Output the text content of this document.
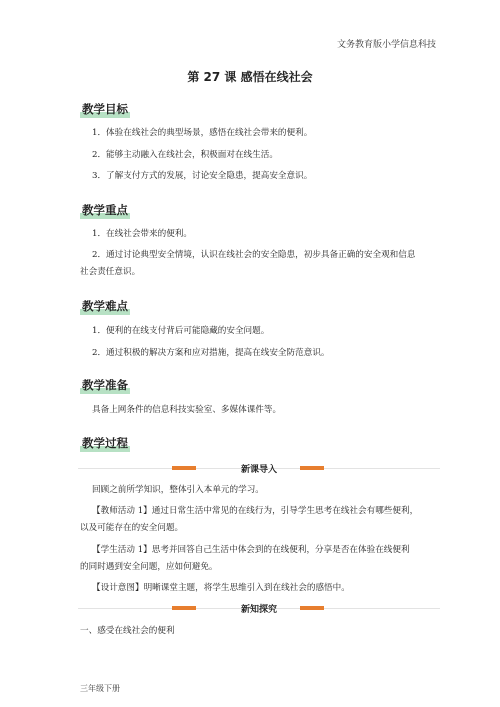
文务教育版小学信息科技
第 27 课 感悟在线社会
教学目标
1．体验在线社会的典型场景，感悟在线社会带来的便利。
2．能够主动融入在线社会，积极面对在线生活。
3．了解支付方式的发展，讨论安全隐患，提高安全意识。
教学重点
1．在线社会带来的便利。
2．通过讨论典型安全情境，认识在线社会的安全隐患，初步具备正确的安全观和信息
社会责任意识。
教学难点
1．便利的在线支付背后可能隐藏的安全问题。
2．通过积极的解决方案和应对措施，提高在线安全防范意识。
教学准备
具备上网条件的信息科技实验室、多媒体课件等。
教学过程
新课导入
回顾之前所学知识，整体引入本单元的学习。
【教师活动 1】通过日常生活中常见的在线行为，引导学生思考在线社会有哪些便利，
以及可能存在的安全问题。
【学生活动 1】思考并回答自己生活中体会到的在线便利，分享是否在体验在线便利
的同时遇到安全问题，应如何避免。
【设计意图】明晰课堂主题，将学生思维引入到在线社会的感悟中。
新知探究
一、感受在线社会的便利
三年级下册
